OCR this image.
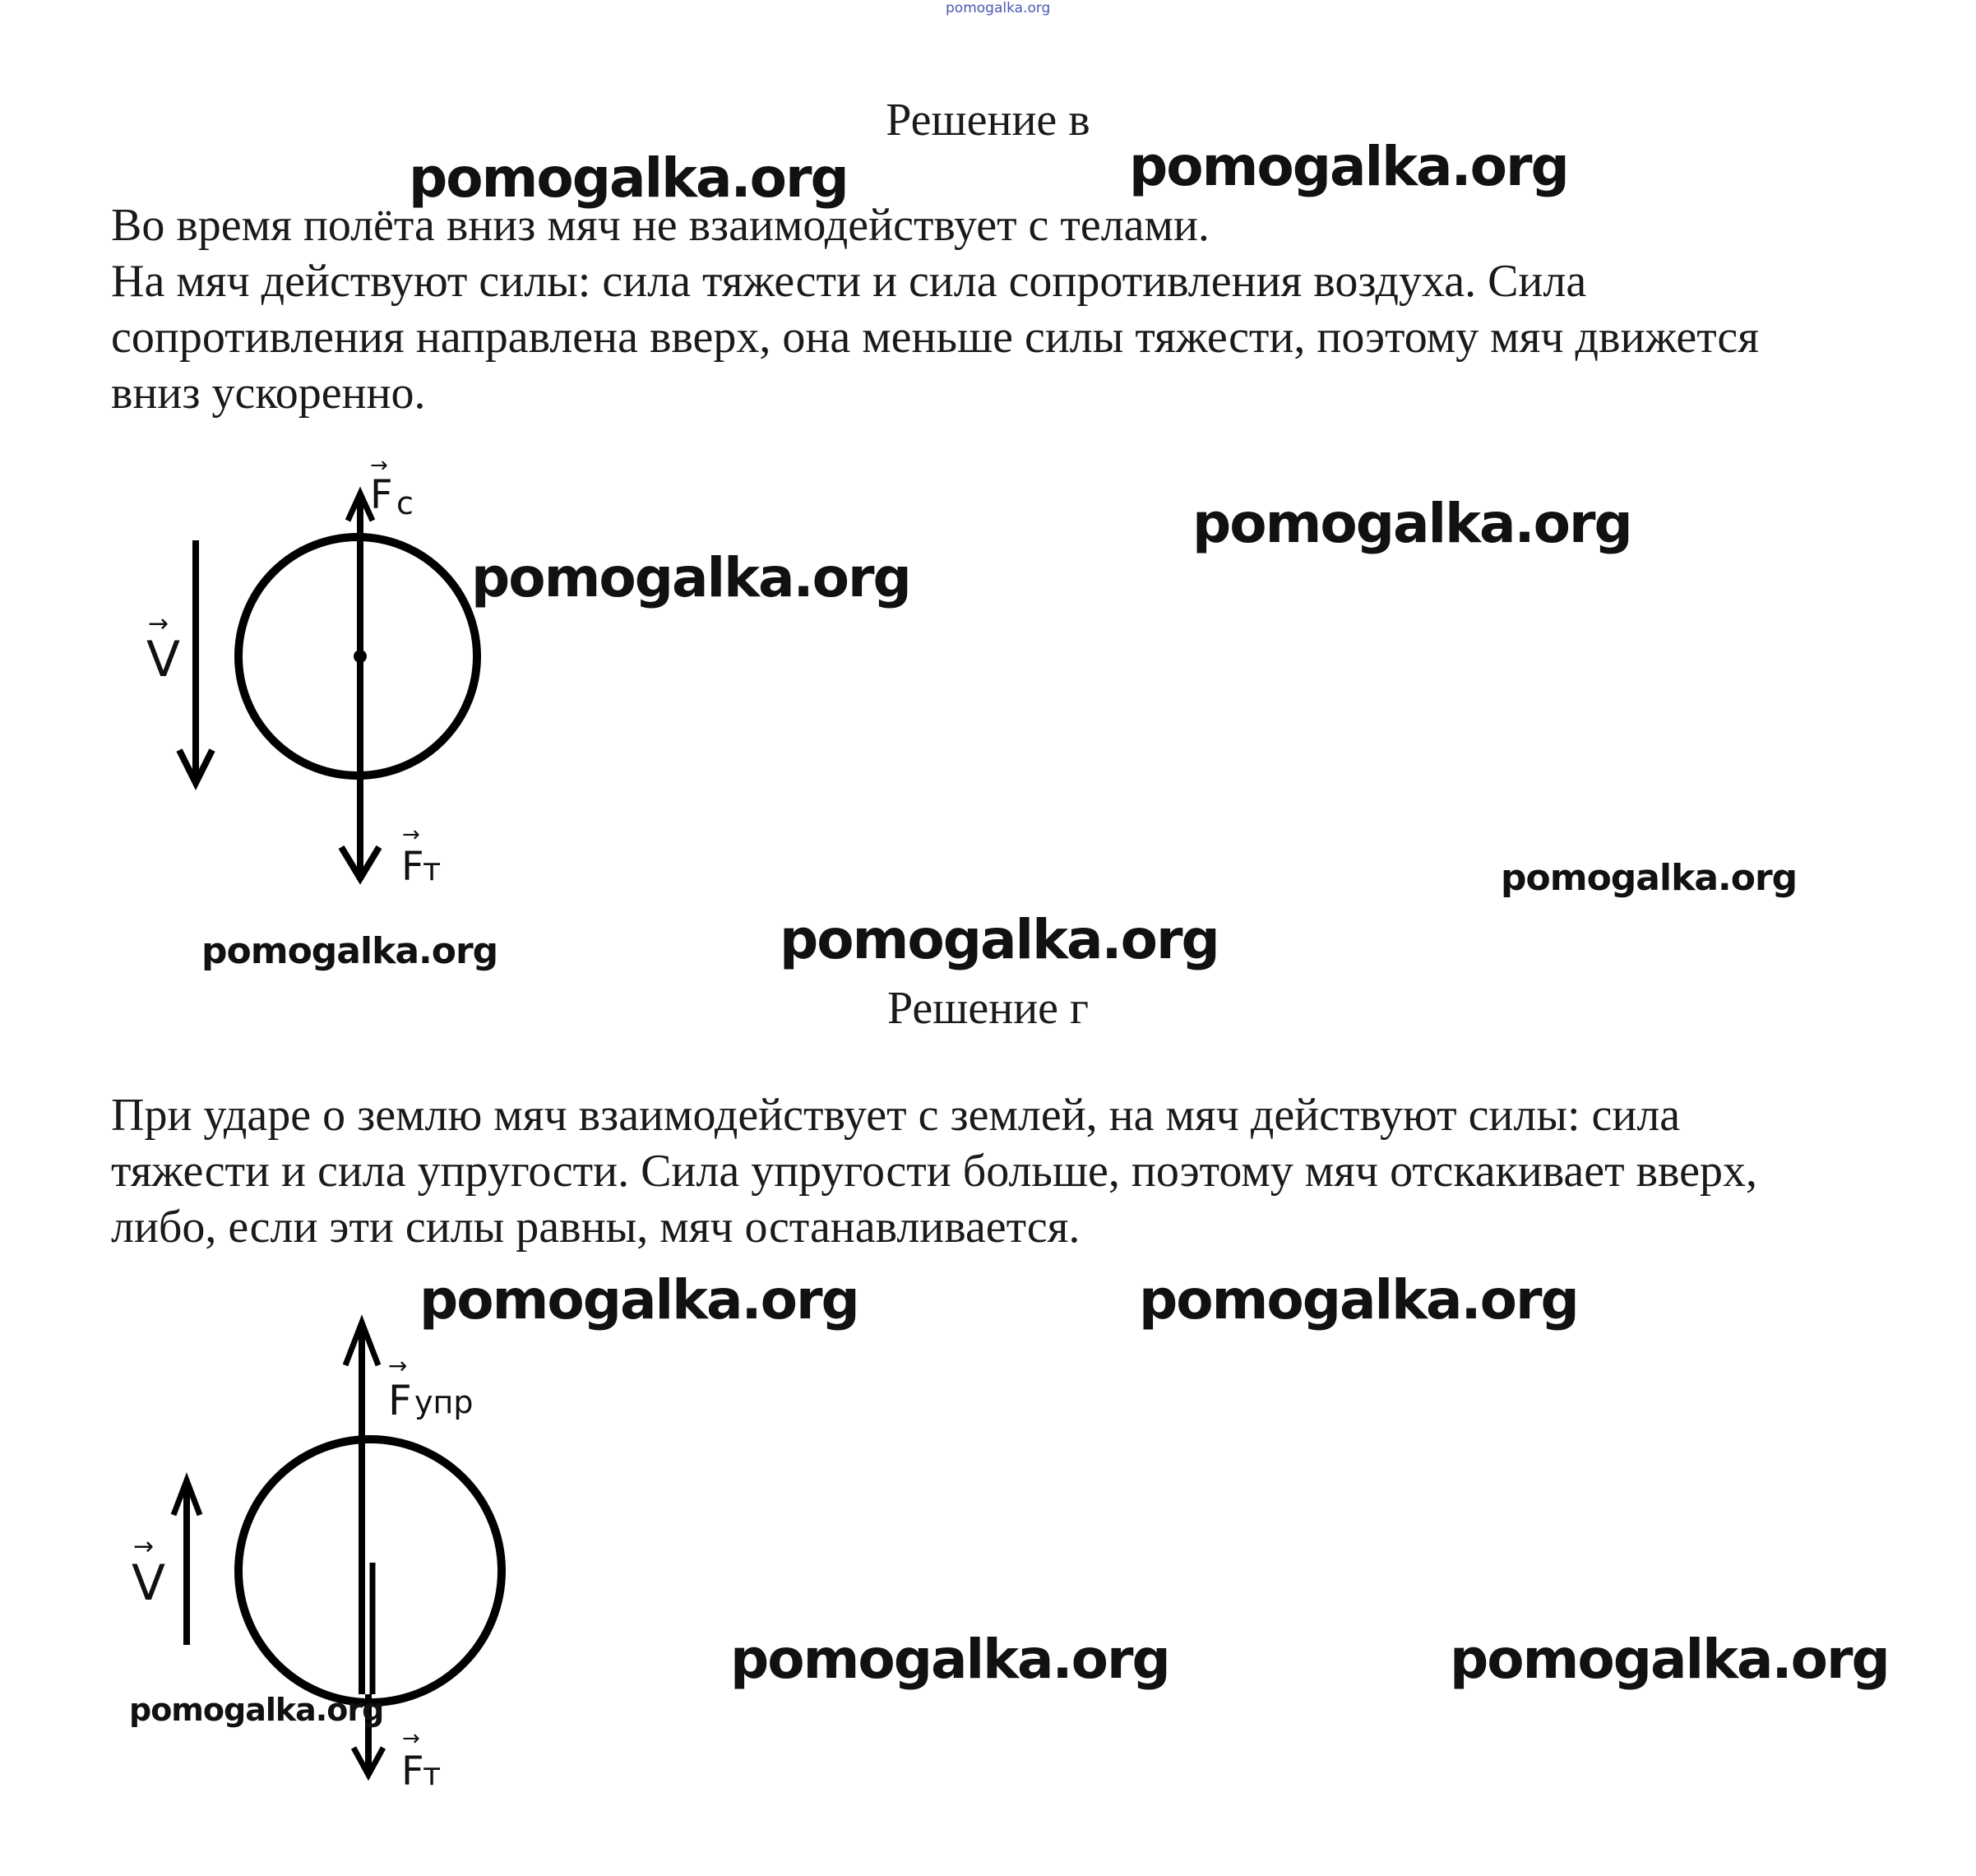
pomogalka.org
Решение в
Во время полёта вниз мяч не взаимодействует с телами.
На мяч действуют силы: сила тяжести и сила сопротивления воздуха. Сила
сопротивления направлена вверх, она меньше силы тяжести, поэтому мяч движется
вниз ускоренно.
V
→
F c
→
F
т
→
Решение г
При ударе о землю мяч взаимодействует с землей, на мяч действуют силы: сила
тяжести и сила упругости. Сила упругости больше, поэтому мяч отскакивает вверх,
либо, если эти силы равны, мяч останавливается.
V
→
F упр
→
F
т
→
pomogalka.org	pomogalka.org
pomogalka.org
pomogalka.org
pomogalka.org
pomogalka.org	pomogalka.org
pomogalka.org	pomogalka.org
pomogalka.org	pomogalka.org
pomogalka.org
